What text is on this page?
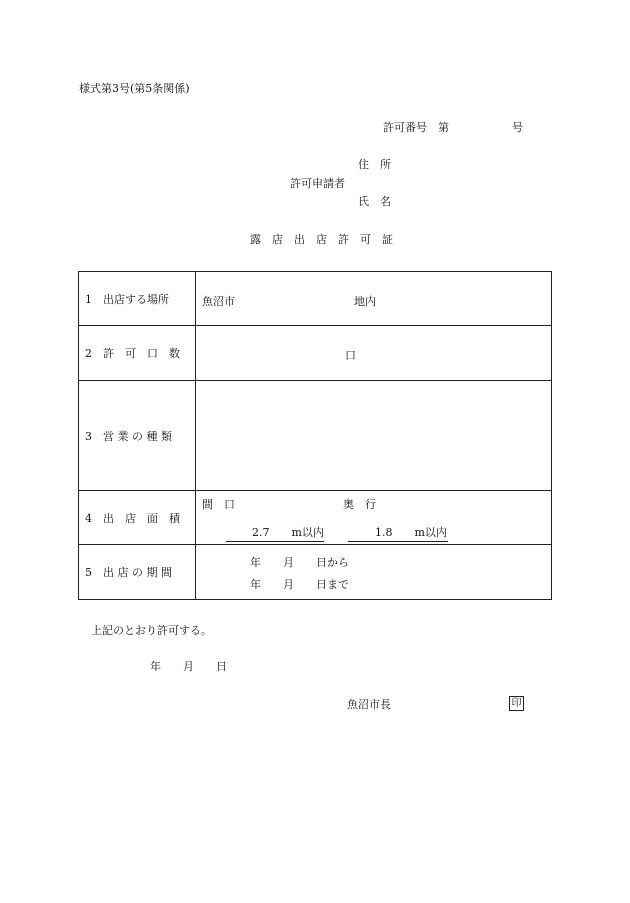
様式第3号(第5条関係)
許可番号　第	号
住　所
許可申請者
氏　名
露　店　出　店　許　可　証
1　出店する場所	魚沼市 地内

2　許　可　口　数	口

3　営 業 の 種 類	
4　出　店　面　積	間　口 奥　行
2.7　　m以内 1.8　　m以内

5　出 店 の 期 間	年　　月　　日から
年　　月　　日まで
上記のとおり許可する。
年　　月　　日
魚沼市長	印
